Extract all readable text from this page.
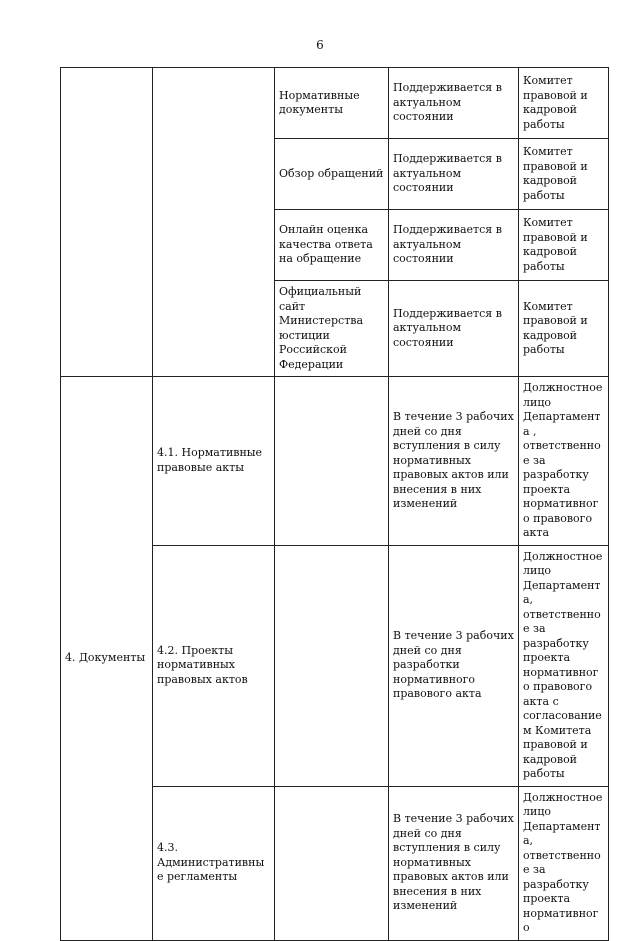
6
		Нормативные документы	Поддерживается в актуальном состоянии	Комитет правовой и кадровой работы
		Обзор обращений	Поддерживается в актуальном состоянии	Комитет правовой и кадровой работы
		Онлайн оценка качества ответа на обращение	Поддерживается в актуальном состоянии	Комитет правовой и кадровой работы
		Официальный сайт Министерства юстиции Российской Федерации	Поддерживается в актуальном состоянии	Комитет правовой и кадровой работы
4. Документы	4.1. Нормативные правовые акты		В течение 3 рабочих дней со дня вступления в силу нормативных правовых актов или внесения в них изменений	Должностное лицо Департамента , ответственное за разработку проекта нормативного правового акта
	4.2. Проекты нормативных правовых актов		В течение 3 рабочих дней со дня разработки нормативного правового акта	Должностное лицо Департамента, ответственное за разработку проекта нормативного правового акта с согласованием Комитета правовой и кадровой работы
	4.3. Административные регламенты		В течение 3 рабочих дней со дня вступления в силу нормативных правовых актов или внесения в них изменений	Должностное лицо Департамента, ответственное за разработку проекта нормативного
